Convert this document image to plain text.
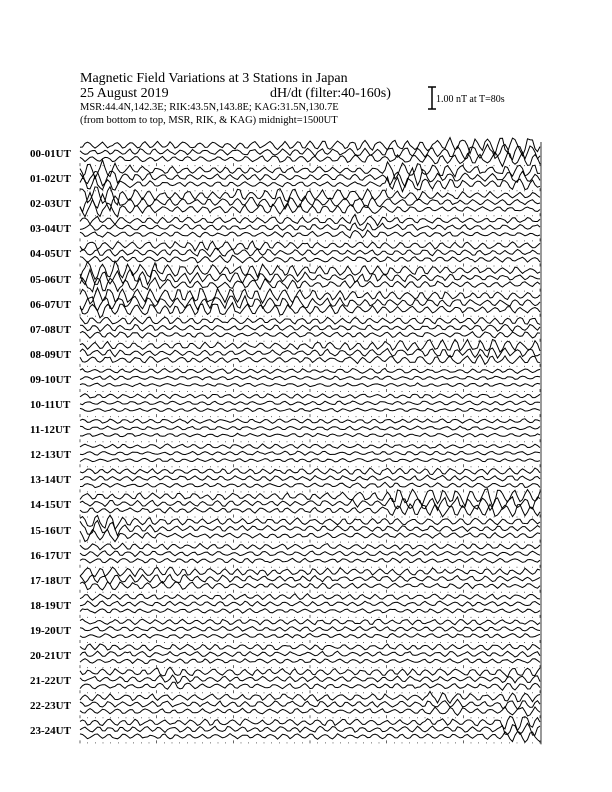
Magnetic Field Variations at 3 Stations in Japan
25 August 2019	dH/dt (filter:40-160s)
MSR:44.4N,142.3E; RIK:43.5N,143.8E; KAG:31.5N,130.7E
(from bottom to top, MSR, RIK, & KAG) midnight=1500UT
1.00 nT at T=80s
00-01UT
01-02UT
02-03UT
03-04UT
04-05UT
05-06UT
06-07UT
07-08UT
08-09UT
09-10UT
10-11UT
11-12UT
12-13UT
13-14UT
14-15UT
15-16UT
16-17UT
17-18UT
18-19UT
19-20UT
20-21UT
21-22UT
22-23UT
23-24UT
